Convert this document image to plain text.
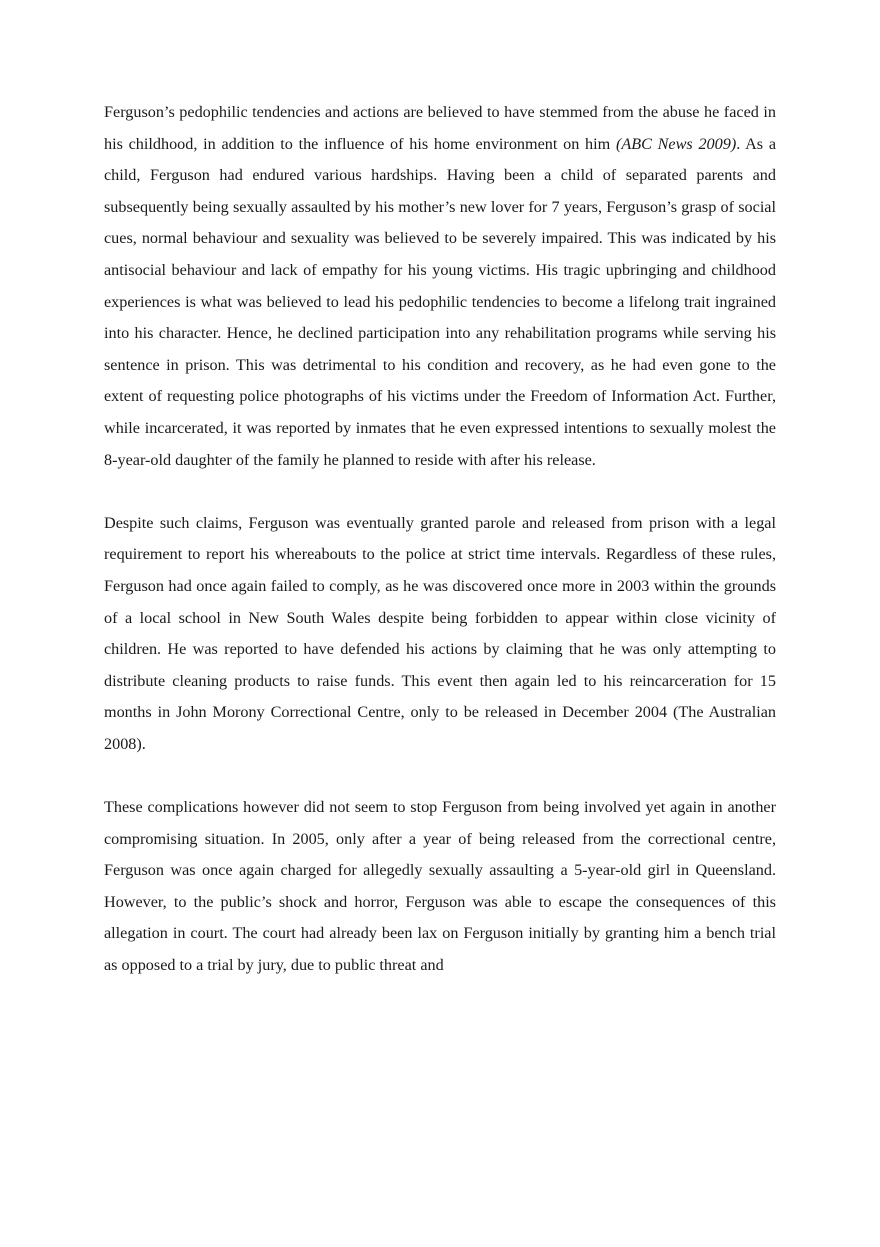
Ferguson’s pedophilic tendencies and actions are believed to have stemmed from the abuse he faced in his childhood, in addition to the influence of his home environment on him (ABC News 2009). As a child, Ferguson had endured various hardships. Having been a child of separated parents and subsequently being sexually assaulted by his mother’s new lover for 7 years, Ferguson’s grasp of social cues, normal behaviour and sexuality was believed to be severely impaired. This was indicated by his antisocial behaviour and lack of empathy for his young victims. His tragic upbringing and childhood experiences is what was believed to lead his pedophilic tendencies to become a lifelong trait ingrained into his character. Hence, he declined participation into any rehabilitation programs while serving his sentence in prison. This was detrimental to his condition and recovery, as he had even gone to the extent of requesting police photographs of his victims under the Freedom of Information Act. Further, while incarcerated, it was reported by inmates that he even expressed intentions to sexually molest the 8-year-old daughter of the family he planned to reside with after his release.

Despite such claims, Ferguson was eventually granted parole and released from prison with a legal requirement to report his whereabouts to the police at strict time intervals. Regardless of these rules, Ferguson had once again failed to comply, as he was discovered once more in 2003 within the grounds of a local school in New South Wales despite being forbidden to appear within close vicinity of children. He was reported to have defended his actions by claiming that he was only attempting to distribute cleaning products to raise funds. This event then again led to his reincarceration for 15 months in John Morony Correctional Centre, only to be released in December 2004 (The Australian 2008).

These complications however did not seem to stop Ferguson from being involved yet again in another compromising situation. In 2005, only after a year of being released from the correctional centre, Ferguson was once again charged for allegedly sexually assaulting a 5-year-old girl in Queensland. However, to the public’s shock and horror, Ferguson was able to escape the consequences of this allegation in court. The court had already been lax on Ferguson initially by granting him a bench trial as opposed to a trial by jury, due to public threat and
